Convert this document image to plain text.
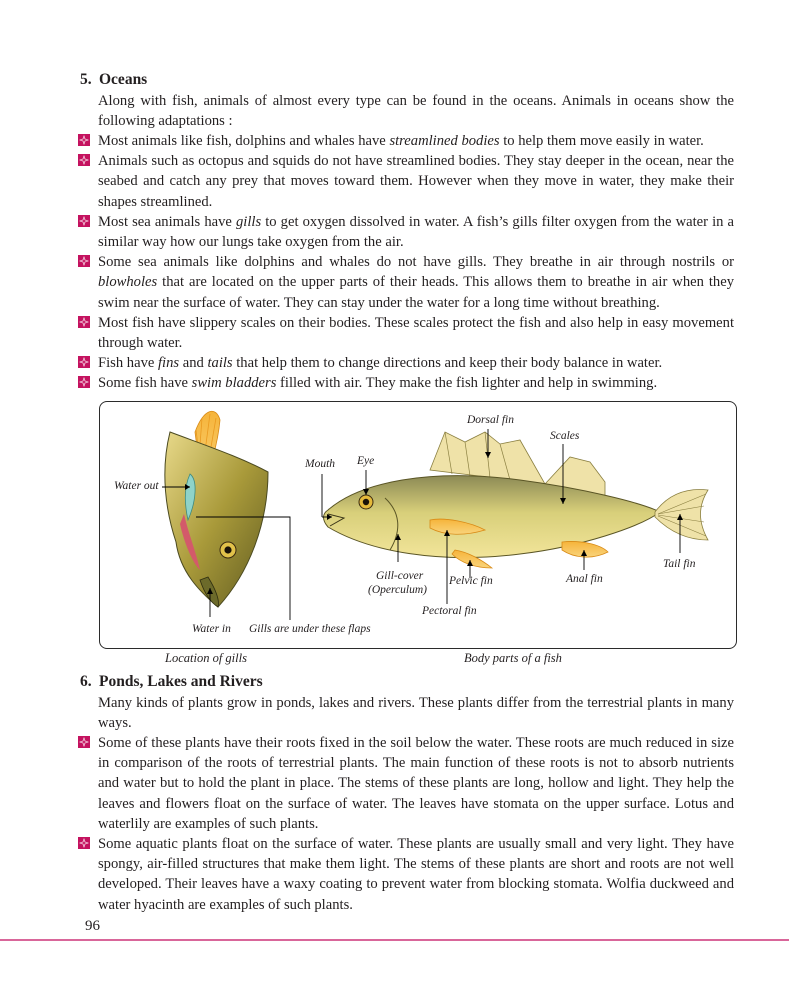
5. Oceans
Along with fish, animals of almost every type can be found in the oceans. Animals in oceans show the following adaptations :
Most animals like fish, dolphins and whales have streamlined bodies to help them move easily in water.
Animals such as octopus and squids do not have streamlined bodies. They stay deeper in the ocean, near the seabed and catch any prey that moves toward them. However when they move in water, they make their shapes streamlined.
Most sea animals have gills to get oxygen dissolved in water. A fish’s gills filter oxygen from the water in a similar way how our lungs take oxygen from the air.
Some sea animals like dolphins and whales do not have gills. They breathe in air through nostrils or blowholes that are located on the upper parts of their heads. This allows them to breathe in air when they swim near the surface of water. They can stay under the water for a long time without breathing.
Most fish have slippery scales on their bodies. These scales protect the fish and also help in easy movement through water.
Fish have fins and tails that help them to change directions and keep their body balance in water.
Some fish have swim bladders filled with air. They make the fish lighter and help in swimming.
Water out
Water in Gills are under these flaps
Mouth Eye
Dorsal fin
Scales
Tail fin
Anal fin
Pelvic fin
Gill-cover
(Operculum)
Pectoral fin
Location of gills	Body parts of a fish
6. Ponds, Lakes and Rivers
Many kinds of plants grow in ponds, lakes and rivers. These plants differ from the terrestrial plants in many ways.
Some of these plants have their roots fixed in the soil below the water. These roots are much reduced in size in comparison of the roots of terrestrial plants. The main function of these roots is not to absorb nutrients and water but to hold the plant in place. The stems of these plants are long, hollow and light. They help the leaves and flowers float on the surface of water. The leaves have stomata on the upper surface. Lotus and waterlily are examples of such plants.
Some aquatic plants float on the surface of water. These plants are usually small and very light. They have spongy, air-filled structures that make them light. The stems of these plants are short and roots are not well developed. Their leaves have a waxy coating to prevent water from blocking stomata. Wolfia duckweed and water hyacinth are examples of such plants.
96
